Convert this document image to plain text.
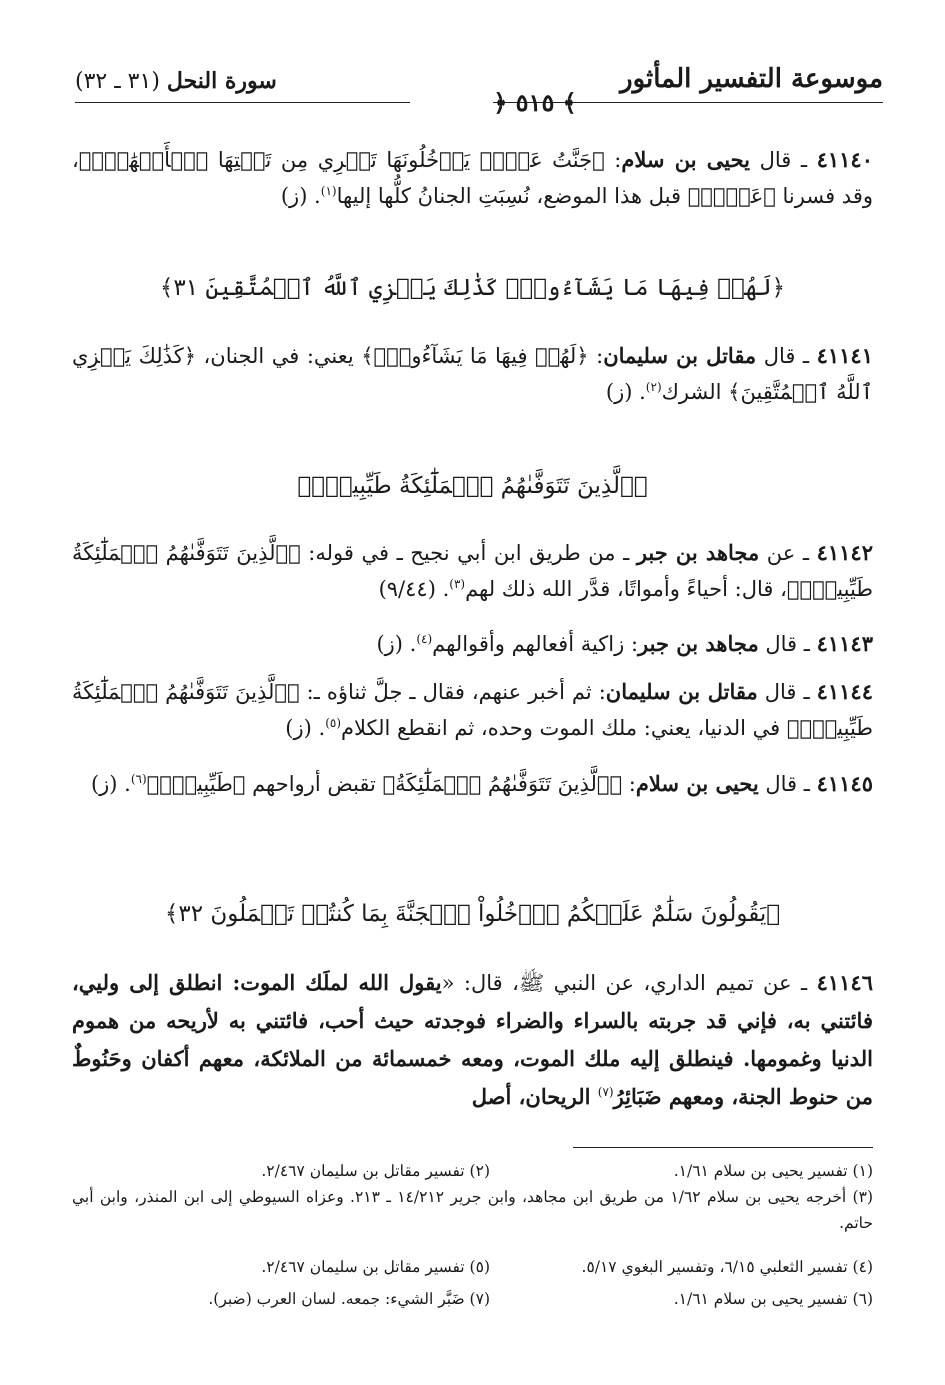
موسوعة التفسير المأثور
سورة النحل (٣١ ـ ٣٢)
﴾ ٥١٥ ﴿
٤١١٤٠ ـ قال يحيى بن سلام: ﴿جَنَّتُ عَدۡنٖ يَدۡخُلُونَهَا تَجۡرِي مِن تَحۡتِهَا ٱلۡأَنۡهَٰرُۖ﴾، وقد فسرنا ﴿عَدۡنٖ﴾ قبل هذا الموضع، نُسِبَتِ الجنانُ كلُّها إليها$^{(١)}$. (ز)
﴿لَهُمۡ فِيهَا مَا يَشَآءُونَۚ كَذَٰلِكَ يَجۡزِي ٱللَّهُ ٱلۡمُتَّقِينَ ٣١﴾
٤١١٤١ ـ قال مقاتل بن سليمان: ﴿لَهُمۡ فِيهَا مَا يَشَآءُونَۚ﴾ يعني: في الجنان، ﴿كَذَٰلِكَ يَجۡزِي ٱللَّهُ ٱلۡمُتَّقِينَ﴾ الشرك$^{(٢)}$. (ز)
﴿ٱلَّذِينَ تَتَوَفَّىٰهُمُ ٱلۡمَلَٰٓئِكَةُ طَيِّبِينَۙ﴾
٤١١٤٢ ـ عن مجاهد بن جبر ـ من طريق ابن أبي نجيح ـ في قوله: ﴿ٱلَّذِينَ تَتَوَفَّىٰهُمُ ٱلۡمَلَٰٓئِكَةُ طَيِّبِينَۙ﴾، قال: أحياءً وأمواتًا، قدَّر الله ذلك لهم$^{(٣)}$. (٩/٤٤)
٤١١٤٣ ـ قال مجاهد بن جبر: زاكية أفعالهم وأقوالهم$^{(٤)}$. (ز)
٤١١٤٤ ـ قال مقاتل بن سليمان: ثم أخبر عنهم، فقال ـ جلَّ ثناؤه ـ: ﴿ٱلَّذِينَ تَتَوَفَّىٰهُمُ ٱلۡمَلَٰٓئِكَةُ طَيِّبِينَۙ﴾ في الدنيا، يعني: ملك الموت وحده، ثم انقطع الكلام$^{(٥)}$. (ز)
٤١١٤٥ ـ قال يحيى بن سلام: ﴿ٱلَّذِينَ تَتَوَفَّىٰهُمُ ٱلۡمَلَٰٓئِكَةُ﴾ تقبض أرواحهم ﴿طَيِّبِينَۙ﴾$^{(٦)}$. (ز)
﴿يَقُولُونَ سَلَٰمٌ عَلَيۡكُمُ ٱدۡخُلُواْ ٱلۡجَنَّةَ بِمَا كُنتُمۡ تَعۡمَلُونَ ٣٢﴾
٤١١٤٦ ـ عن تميم الداري، عن النبي ﷺ، قال: «يقول الله لملَك الموت: انطلق إلى وليي، فائتني به، فإني قد جربته بالسراء والضراء فوجدته حيث أحب، فائتني به لأريحه من هموم الدنيا وغمومها. فينطلق إليه ملك الموت، ومعه خمسمائة من الملائكة، معهم أكفان وحَنُوطٌ من حنوط الجنة، ومعهم ضَبَائِرُ$^{(٧)}$ الريحان، أصل
(١) تفسير يحيى بن سلام ١/٦١.
(٢) تفسير مقاتل بن سليمان ٢/٤٦٧.
(٣) أخرجه يحيى بن سلام ١/٦٢ من طريق ابن مجاهد، وابن جرير ١٤/٢١٢ ـ ٢١٣. وعزاه السيوطي إلى ابن المنذر، وابن أبي حاتم.
(٤) تفسير الثعلبي ٦/١٥، وتفسير البغوي ٥/١٧.
(٥) تفسير مقاتل بن سليمان ٢/٤٦٧.
(٦) تفسير يحيى بن سلام ١/٦١.
(٧) ضَبَّر الشيء: جمعه. لسان العرب (ضبر).
